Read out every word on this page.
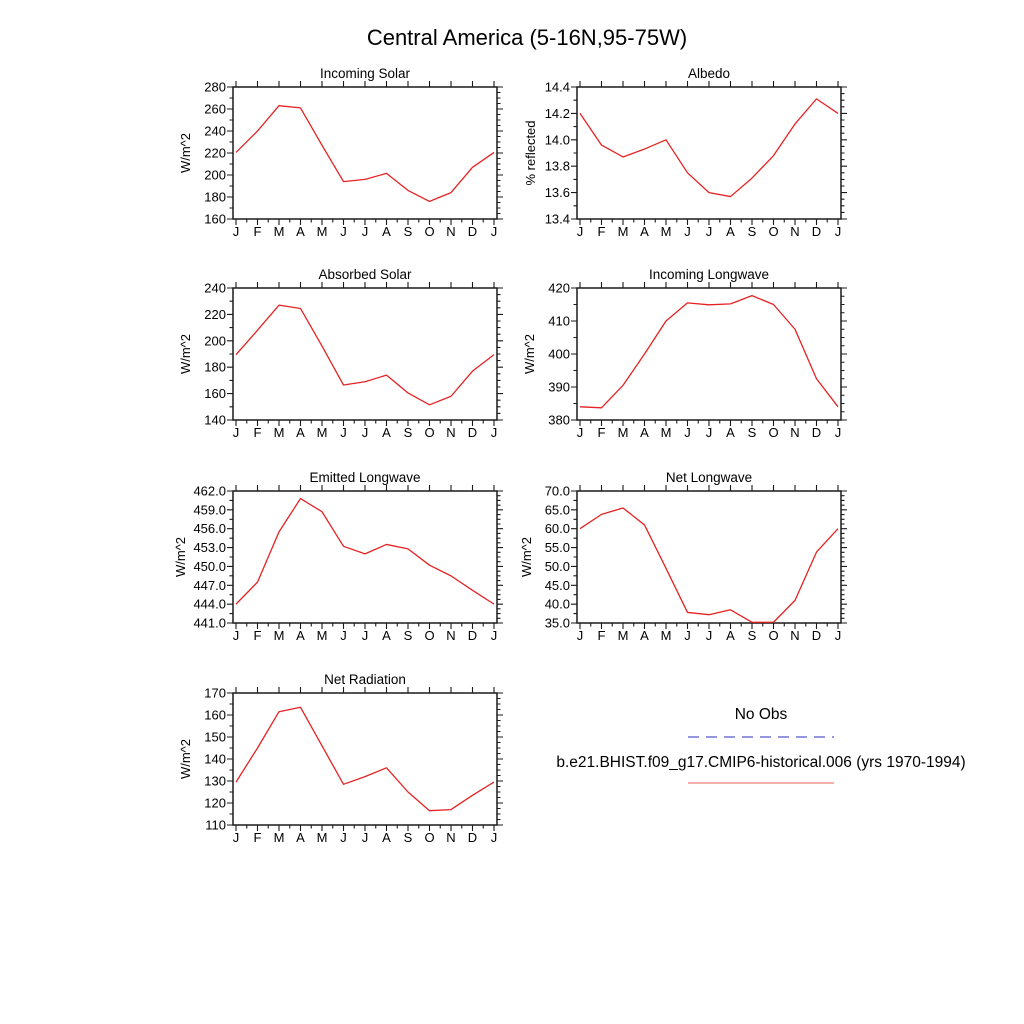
Central America (5-16N,95-75W)
Incoming Solar
W/m^2
J F M A M J J A S O N D J
160
180
200
220
240
260
280
Albedo
% reflected
J F M A M J J A S O N D J
13.4
13.6
13.8
14.0
14.2
14.4
Absorbed Solar
W/m^2
J F M A M J J A S O N D J
140
160
180
200
220
240
Incoming Longwave
W/m^2
J F M A M J J A S O N D J
380
390
400
410
420
Emitted Longwave
W/m^2
J F M A M J J A S O N D J
441.0
444.0
447.0
450.0
453.0
456.0
459.0
462.0
Net Longwave
W/m^2
J F M A M J J A S O N D J
35.0
40.0
45.0
50.0
55.0
60.0
65.0
70.0
Net Radiation
W/m^2
J F M A M J J A S O N D J
110
120
130
140
150
160
170
No Obs
b.e21.BHIST.f09_g17.CMIP6-historical.006 (yrs 1970-1994)
